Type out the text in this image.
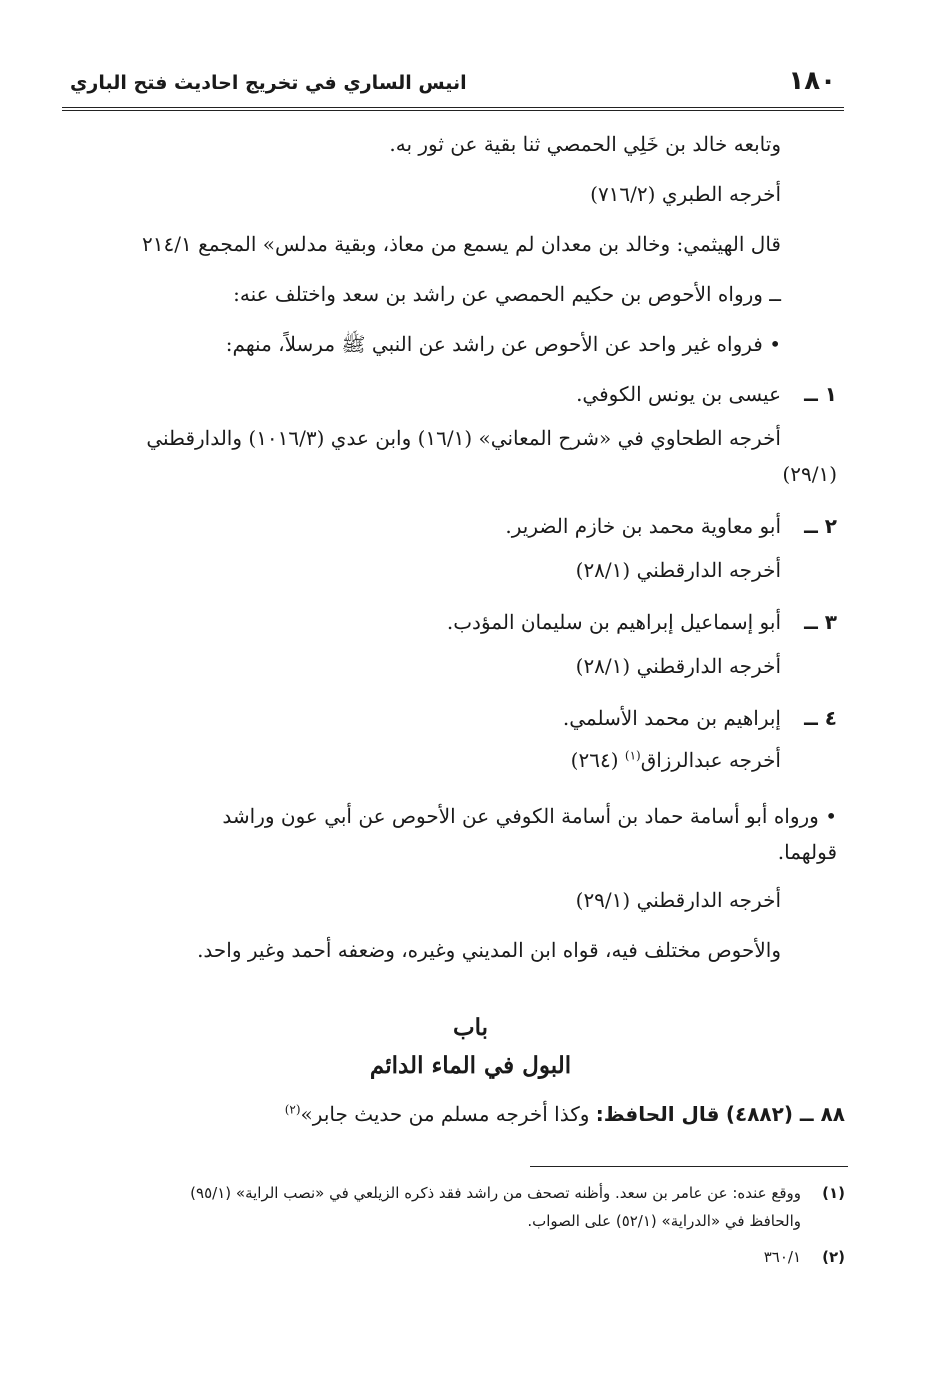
١٨٠
انيس الساري في تخريج احاديث فتح الباري
وتابعه خالد بن خَلِي الحمصي ثنا بقية عن ثور به.
أخرجه الطبري (٧١٦/٢)
قال الهيثمي: وخالد بن معدان لم يسمع من معاذ، وبقية مدلس» المجمع ٢١٤/١
ــ ورواه الأحوص بن حكيم الحمصي عن راشد بن سعد واختلف عنه:
• فرواه غير واحد عن الأحوص عن راشد عن النبي ﷺ مرسلاً، منهم:
١ ــ
عيسى بن يونس الكوفي.
أخرجه الطحاوي في «شرح المعاني» (١٦/١) وابن عدي (١٠١٦/٣) والدارقطني
(٢٩/١)
٢ ــ
أبو معاوية محمد بن خازم الضرير.
أخرجه الدارقطني (٢٨/١)
٣ ــ
أبو إسماعيل إبراهيم بن سليمان المؤدب.
أخرجه الدارقطني (٢٨/١)
٤ ــ
إبراهيم بن محمد الأسلمي.
أخرجه عبدالرزاق$^{(١)}$ (٢٦٤)
• ورواه أبو أسامة حماد بن أسامة الكوفي عن الأحوص عن أبي عون وراشد
قولهما.
أخرجه الدارقطني (٢٩/١)
والأحوص مختلف فيه، قواه ابن المديني وغيره، وضعفه أحمد وغير واحد.
باب
البول في الماء الدائم
٨٨ ــ (٤٨٨٢) قال الحافظ: وكذا أخرجه مسلم من حديث جابر»$^{(٢)}$
(١)
ووقع عنده: عن عامر بن سعد. وأظنه تصحف من راشد فقد ذكره الزيلعي في «نصب الراية» (٩٥/١)
والحافظ في «الدراية» (٥٢/١) على الصواب.
(٢)
٣٦٠/١
